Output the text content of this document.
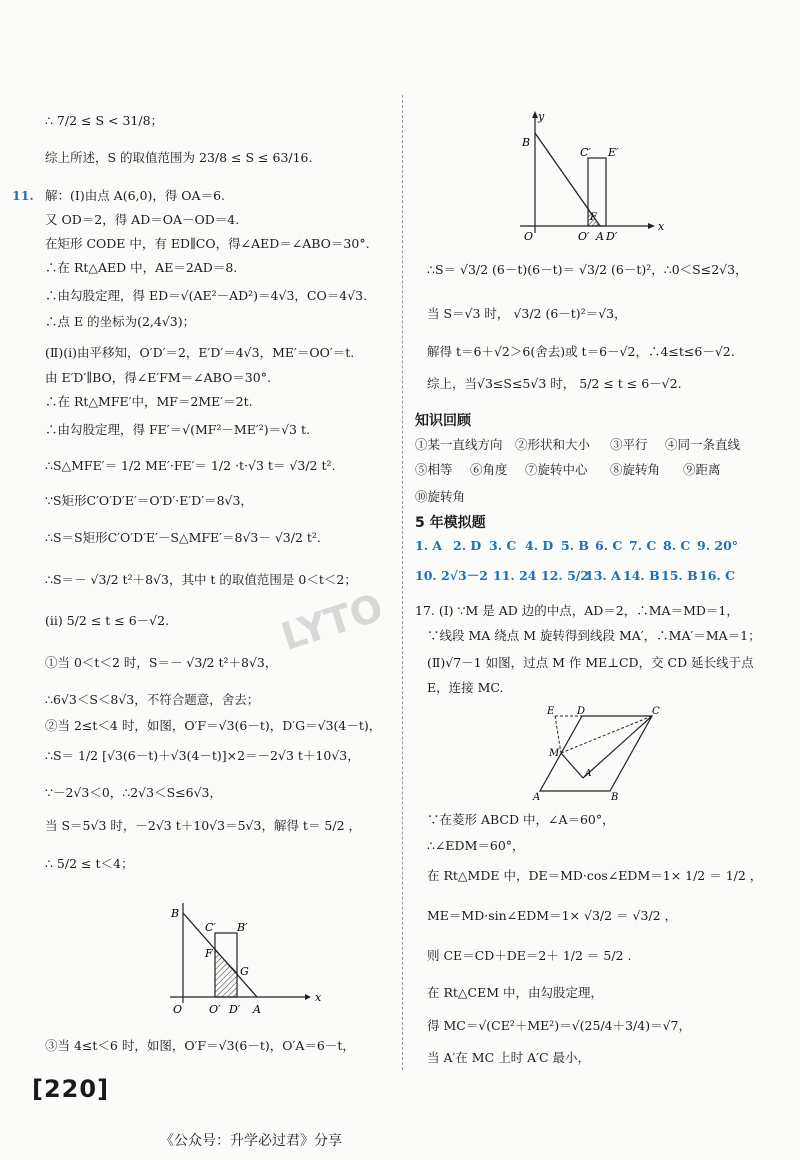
∴ 7/2 ≤ S < 31/8；
综上所述，S 的取值范围为 23/8 ≤ S ≤ 63/16.
11. 解：(Ⅰ)由点 A(6,0)，得 OA＝6.
又 OD＝2，得 AD＝OA－OD＝4.
在矩形 CODE 中，有 ED∥CO，得∠AED＝∠ABO＝30°.
∴在 Rt△AED 中，AE＝2AD＝8.
∴由勾股定理，得 ED＝√(AE²－AD²)＝4√3，CO＝4√3.
∴点 E 的坐标为(2,4√3)；
(Ⅱ)(ⅰ)由平移知，O′D′＝2，E′D′＝4√3，ME′＝OO′＝t.
由 E′D′∥BO，得∠E′FM＝∠ABO＝30°.
∴在 Rt△MFE′中，MF＝2ME′＝2t.
∴由勾股定理，得 FE′＝√(MF²－ME′²)＝√3 t.
∴S△MFE′＝ 1/2 ME′·FE′＝ 1/2 ·t·√3 t＝ √3/2 t².
∵S矩形C′O′D′E′＝O′D′·E′D′＝8√3，
∴S＝S矩形C′O′D′E′－S△MFE′＝8√3－ √3/2 t².
∴S＝－ √3/2 t²＋8√3，其中 t 的取值范围是 0＜t＜2；
(ⅱ) 5/2 ≤ t ≤ 6－√2.
①当 0＜t＜2 时，S＝－ √3/2 t²＋8√3，
∴6√3＜S＜8√3，不符合题意，舍去；
②当 2≤t＜4 时，如图，O′F＝√3(6－t)，D′G＝√3(4－t)，
∴S＝ 1/2 [√3(6－t)＋√3(4－t)]×2＝－2√3 t＋10√3，
∵－2√3＜0，∴2√3＜S≤6√3，
当 S＝5√3 时，－2√3 t＋10√3＝5√3，解得 t＝ 5/2 ，
∴ 5/2 ≤ t＜4；
B
C′ B′
F
G
O O′ D′ A
x
③当 4≤t＜6 时，如图，O′F＝√3(6－t)，O′A＝6－t，
y
x
B
C′ E′
F
O	O′ A D′
∴S＝ √3/2 (6－t)(6－t)＝ √3/2 (6－t)²，∴0＜S≤2√3，
当 S＝√3 时， √3/2 (6－t)²＝√3，
解得 t＝6＋√2＞6(舍去)或 t＝6－√2，∴4≤t≤6－√2.
综上，当√3≤S≤5√3 时， 5/2 ≤ t ≤ 6－√2.
知识回顾
①某一直线方向 ②形状和大小 ③平行 ④同一条直线
⑤相等 ⑥角度 ⑦旋转中心 ⑧旋转角 ⑨距离
⑩旋转角
5 年模拟题
1. A 2. D 3. C 4. D 5. B 6. C 7. C 8. C 9. 20°
10. 2√3－2 11. 24 12. 5/2
13. A 14. B 15. B 16. C
17. (Ⅰ) ∵M 是 AD 边的中点，AD＝2，∴MA＝MD＝1，
∵线段 MA 绕点 M 旋转得到线段 MA′，∴MA′＝MA＝1；
(Ⅱ)√7－1 如图，过点 M 作 ME⊥CD，交 CD 延长线于点
E，连接 MC.
E D	C
M
A′
A	B
∵在菱形 ABCD 中，∠A＝60°，
∴∠EDM＝60°，
在 Rt△MDE 中，DE＝MD·cos∠EDM＝1× 1/2 ＝ 1/2 ，
ME＝MD·sin∠EDM＝1× √3/2 ＝ √3/2 ，
则 CE＝CD＋DE＝2＋ 1/2 ＝ 5/2 .
在 Rt△CEM 中，由勾股定理，
得 MC＝√(CE²＋ME²)＝√(25/4＋3/4)＝√7，
当 A′在 MC 上时 A′C 最小，
LYTO
[ 220 ]
《公众号：升学必过君》分享
